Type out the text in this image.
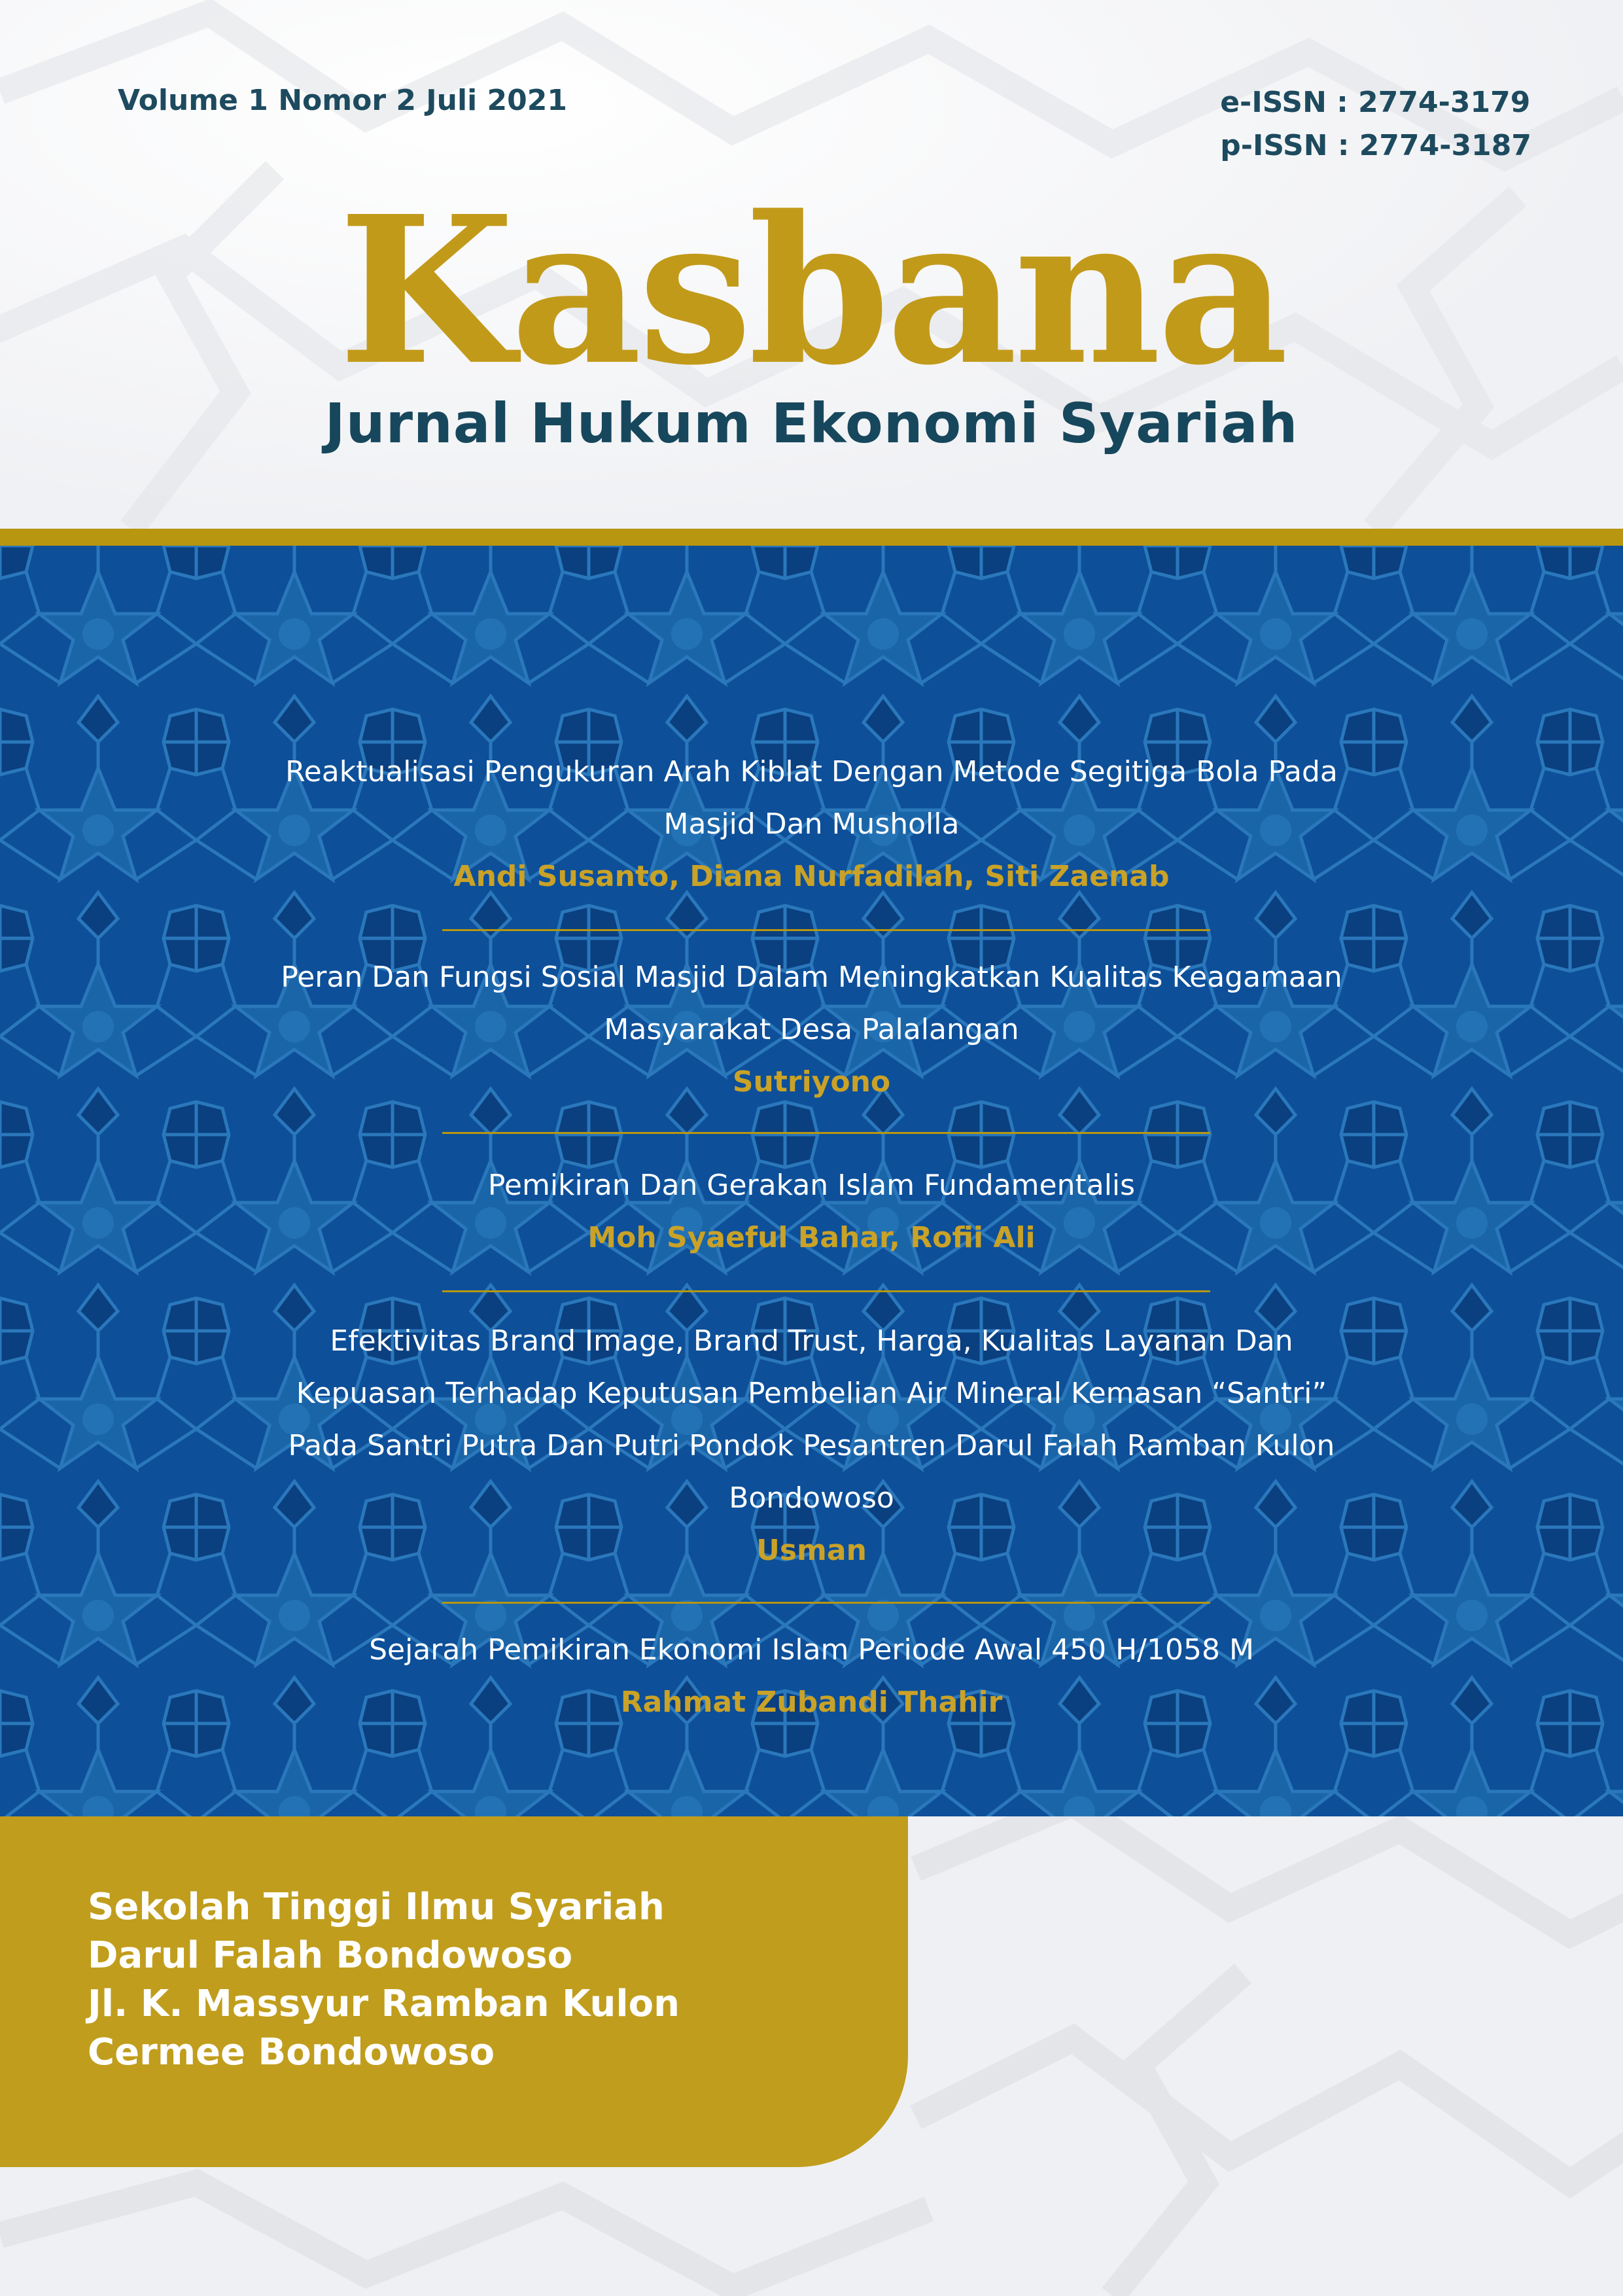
Volume 1 Nomor 2 Juli 2021	e-ISSN : 2774-3179
p-ISSN : 2774-3187
Kasbana
Jurnal Hukum Ekonomi Syariah
Reaktualisasi Pengukuran Arah Kiblat Dengan Metode Segitiga Bola Pada
Masjid Dan Musholla
Andi Susanto, Diana Nurfadilah, Siti Zaenab
Peran Dan Fungsi Sosial Masjid Dalam Meningkatkan Kualitas Keagamaan
Masyarakat Desa Palalangan
Sutriyono
Pemikiran Dan Gerakan Islam Fundamentalis
Moh Syaeful Bahar, Rofii Ali
Efektivitas Brand Image, Brand Trust, Harga, Kualitas Layanan Dan
Kepuasan Terhadap Keputusan Pembelian Air Mineral Kemasan “Santri”
Pada Santri Putra Dan Putri Pondok Pesantren Darul Falah Ramban Kulon
Bondowoso
Usman
Sejarah Pemikiran Ekonomi Islam Periode Awal 450 H/1058 M
Rahmat Zubandi Thahir
Sekolah Tinggi Ilmu Syariah
Darul Falah Bondowoso
Jl. K. Massyur Ramban Kulon
Cermee Bondowoso
